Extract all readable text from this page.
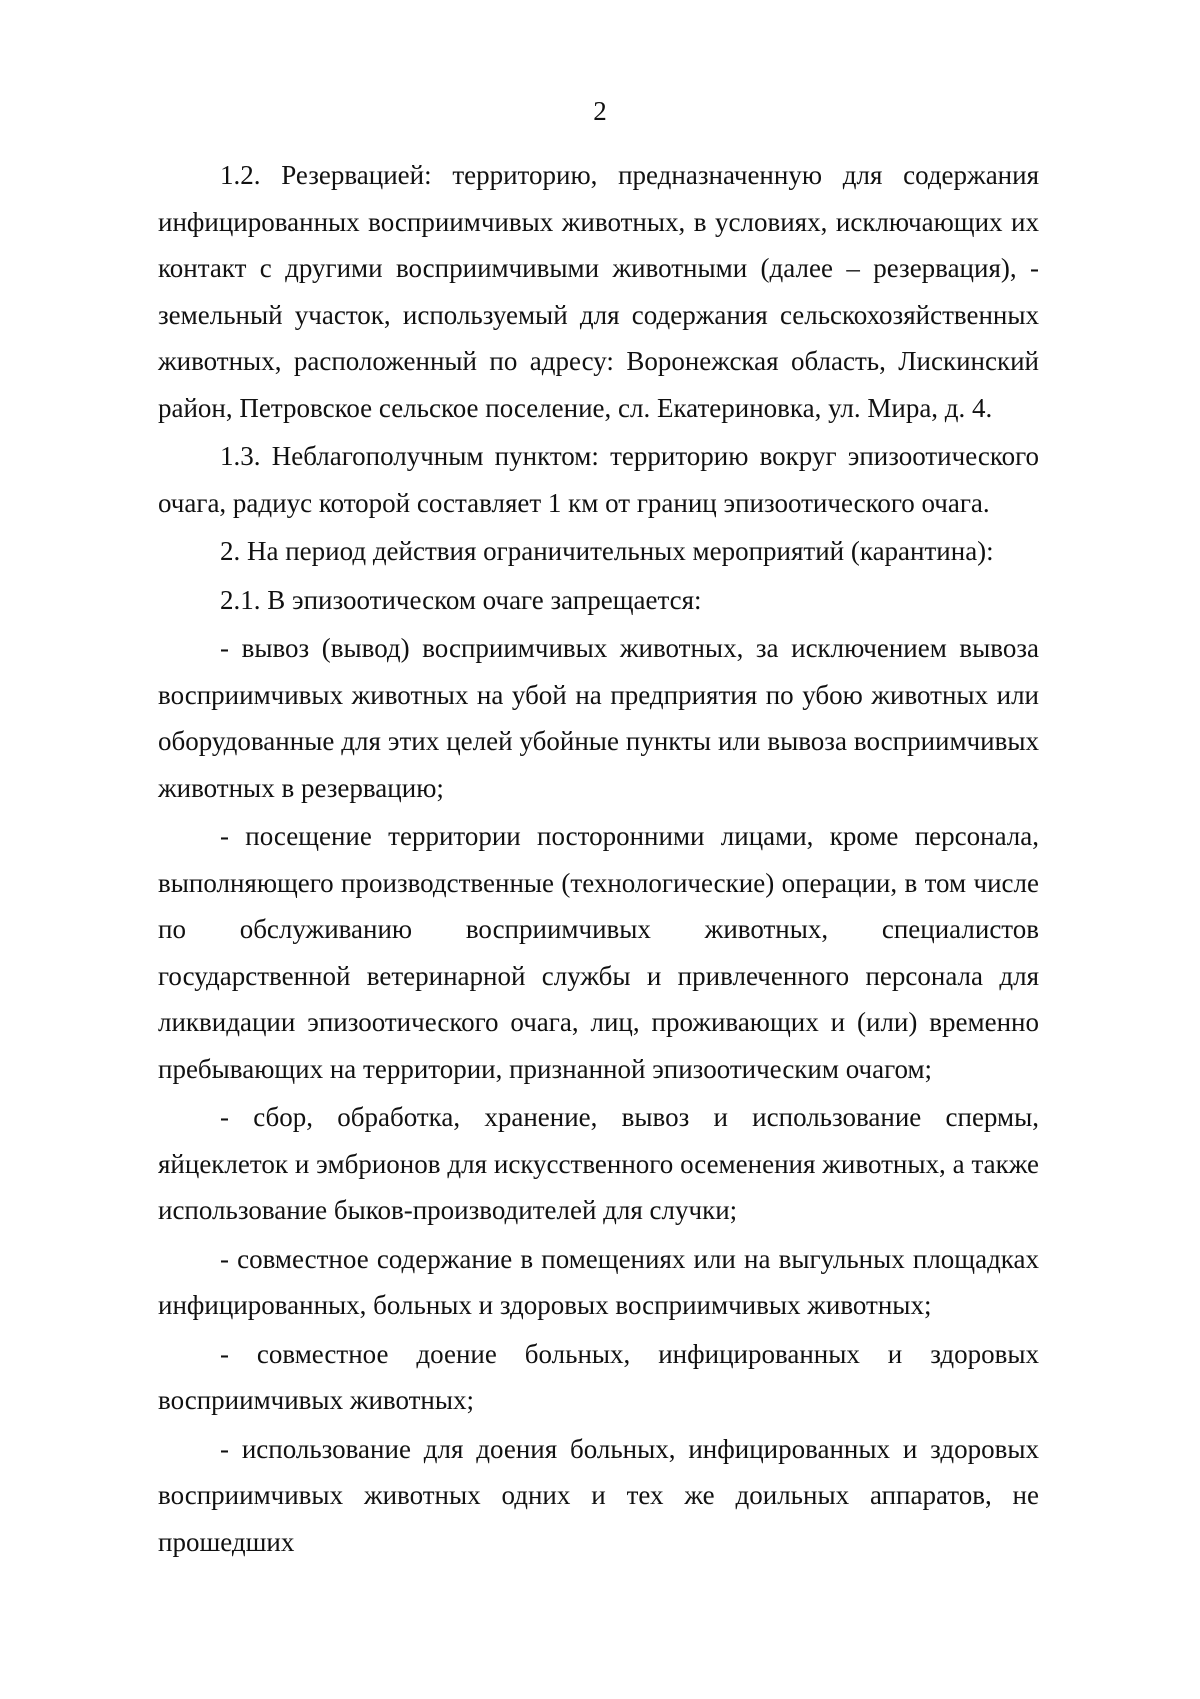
2

1.2. Резервацией: территорию, предназначенную для содержания инфицированных восприимчивых животных, в условиях, исключающих их контакт с другими восприимчивыми животными (далее – резервация), - земельный участок, используемый для содержания сельскохозяйственных животных, расположенный по адресу: Воронежская область, Лискинский район, Петровское сельское поселение, сл. Екатериновка, ул. Мира, д. 4.

1.3. Неблагополучным пунктом: территорию вокруг эпизоотического очага, радиус которой составляет 1 км от границ эпизоотического очага.

2. На период действия ограничительных мероприятий (карантина):

2.1. В эпизоотическом очаге запрещается:

- вывоз (вывод) восприимчивых животных, за исключением вывоза восприимчивых животных на убой на предприятия по убою животных или оборудованные для этих целей убойные пункты или вывоза восприимчивых животных в резервацию;

- посещение территории посторонними лицами, кроме персонала, выполняющего производственные (технологические) операции, в том числе по обслуживанию восприимчивых животных, специалистов государственной ветеринарной службы и привлеченного персонала для ликвидации эпизоотического очага, лиц, проживающих и (или) временно пребывающих на территории, признанной эпизоотическим очагом;

- сбор, обработка, хранение, вывоз и использование спермы, яйцеклеток и эмбрионов для искусственного осеменения животных, а также использование быков-производителей для случки;

- совместное содержание в помещениях или на выгульных площадках инфицированных, больных и здоровых восприимчивых животных;

- совместное доение больных, инфицированных и здоровых восприимчивых животных;

- использование для доения больных, инфицированных и здоровых восприимчивых животных одних и тех же доильных аппаратов, не прошедших
